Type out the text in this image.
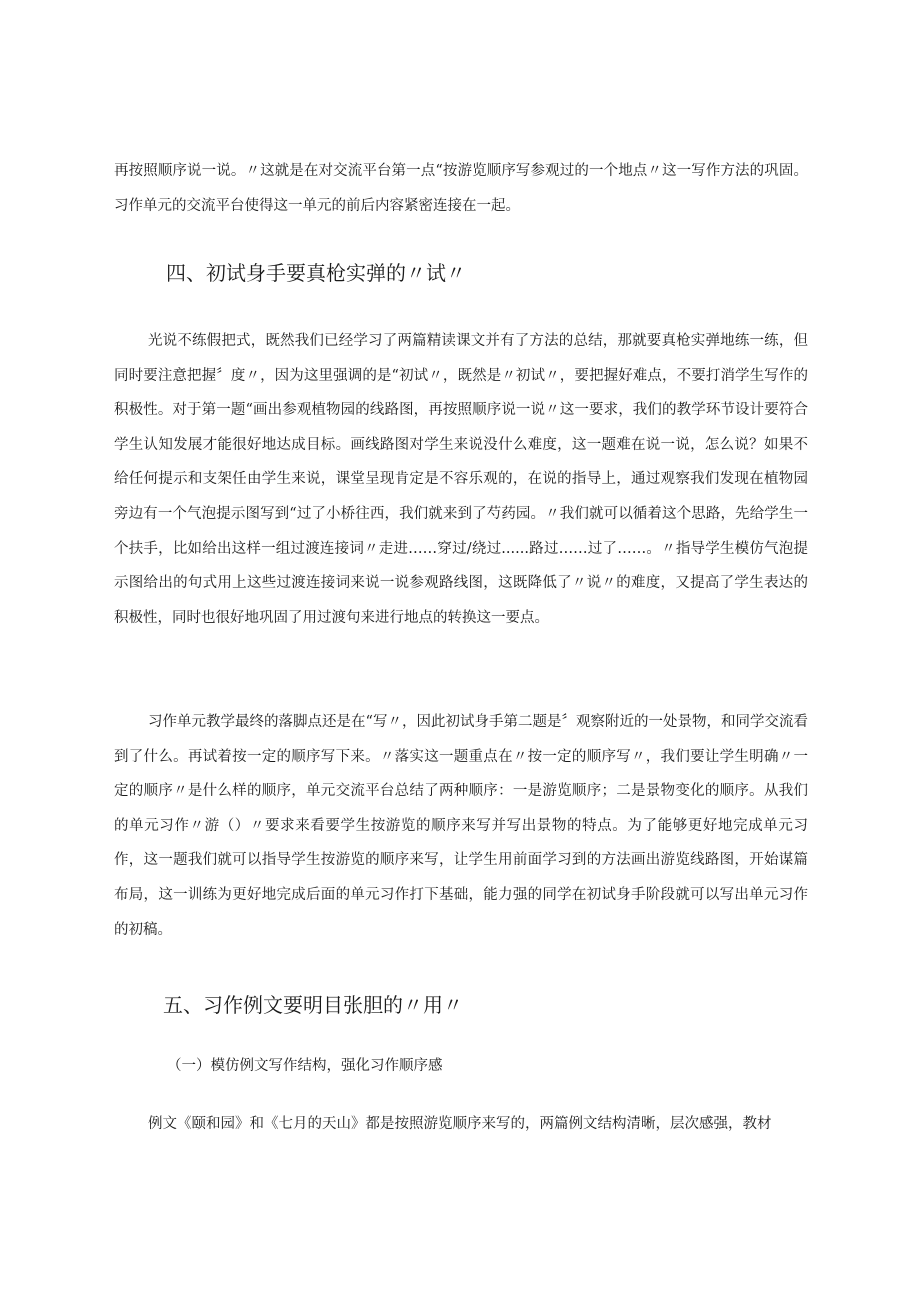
再按照顺序说一说。〃这就是在对交流平台第一点“按游览顺序写参观过的一个地点〃这一写作方法的巩固。习作单元的交流平台使得这一单元的前后内容紧密连接在一起。

四、初试身手要真枪实弹的〃试〃

光说不练假把式，既然我们已经学习了两篇精读课文并有了方法的总结，那就要真枪实弹地练一练，但同时要注意把握〞度〃，因为这里强调的是“初试〃，既然是〃初试〃，要把握好难点，不要打消学生写作的积极性。对于第一题“画出参观植物园的线路图，再按照顺序说一说〃这一要求，我们的教学环节设计要符合学生认知发展才能很好地达成目标。画线路图对学生来说没什么难度，这一题难在说一说，怎么说？如果不给任何提示和支架任由学生来说，课堂呈现肯定是不容乐观的，在说的指导上，通过观察我们发现在植物园旁边有一个气泡提示图写到“过了小桥往西，我们就来到了芍药园。〃我们就可以循着这个思路，先给学生一个扶手，比如给出这样一组过渡连接词〃走进……穿过/绕过......路过……过了……。〃指导学生模仿气泡提示图给出的句式用上这些过渡连接词来说一说参观路线图，这既降低了〃说〃的难度，又提高了学生表达的积极性，同时也很好地巩固了用过渡句来进行地点的转换这一要点。

习作单元教学最终的落脚点还是在“写〃，因此初试身手第二题是〞观察附近的一处景物，和同学交流看到了什么。再试着按一定的顺序写下来。〃落实这一题重点在〃按一定的顺序写〃，我们要让学生明确〃一定的顺序〃是什么样的顺序，单元交流平台总结了两种顺序：一是游览顺序；二是景物变化的顺序。从我们的单元习作〃游（）〃要求来看要学生按游览的顺序来写并写出景物的特点。为了能够更好地完成单元习作，这一题我们就可以指导学生按游览的顺序来写，让学生用前面学习到的方法画出游览线路图，开始谋篇布局，这一训练为更好地完成后面的单元习作打下基础，能力强的同学在初试身手阶段就可以写出单元习作的初稿。

五、习作例文要明目张胆的〃用〃

（一）模仿例文写作结构，强化习作顺序感

例文《颐和园》和《七月的天山》都是按照游览顺序来写的，两篇例文结构清晰，层次感强，教材
